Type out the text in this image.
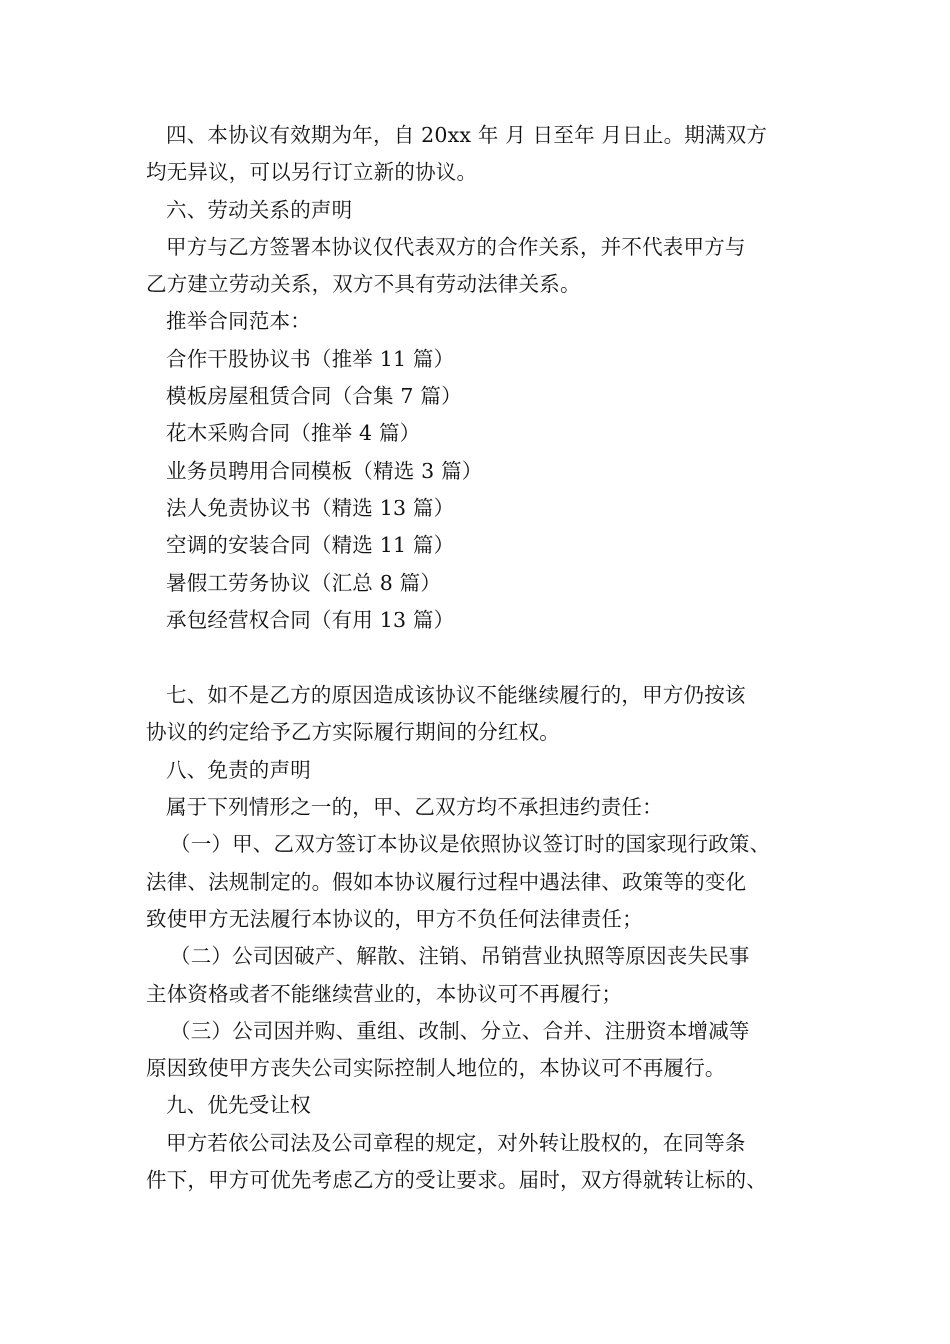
四、本协议有效期为年，自 20xx 年 月 日至年 月日止。期满双方
均无异议，可以另行订立新的协议。
六、劳动关系的声明
甲方与乙方签署本协议仅代表双方的合作关系，并不代表甲方与
乙方建立劳动关系，双方不具有劳动法律关系。
推举合同范本：
合作干股协议书（推举 11 篇）
模板房屋租赁合同（合集 7 篇）
花木采购合同（推举 4 篇）
业务员聘用合同模板（精选 3 篇）
法人免责协议书（精选 13 篇）
空调的安装合同（精选 11 篇）
暑假工劳务协议（汇总 8 篇）
承包经营权合同（有用 13 篇）
七、如不是乙方的原因造成该协议不能继续履行的，甲方仍按该
协议的约定给予乙方实际履行期间的分红权。
八、免责的声明
属于下列情形之一的，甲、乙双方均不承担违约责任：
（一）甲、乙双方签订本协议是依照协议签订时的国家现行政策、
法律、法规制定的。假如本协议履行过程中遇法律、政策等的变化
致使甲方无法履行本协议的，甲方不负任何法律责任；
（二）公司因破产、解散、注销、吊销营业执照等原因丧失民事
主体资格或者不能继续营业的，本协议可不再履行；
（三）公司因并购、重组、改制、分立、合并、注册资本增减等
原因致使甲方丧失公司实际控制人地位的，本协议可不再履行。
九、优先受让权
甲方若依公司法及公司章程的规定，对外转让股权的，在同等条
件下，甲方可优先考虑乙方的受让要求。届时，双方得就转让标的、
